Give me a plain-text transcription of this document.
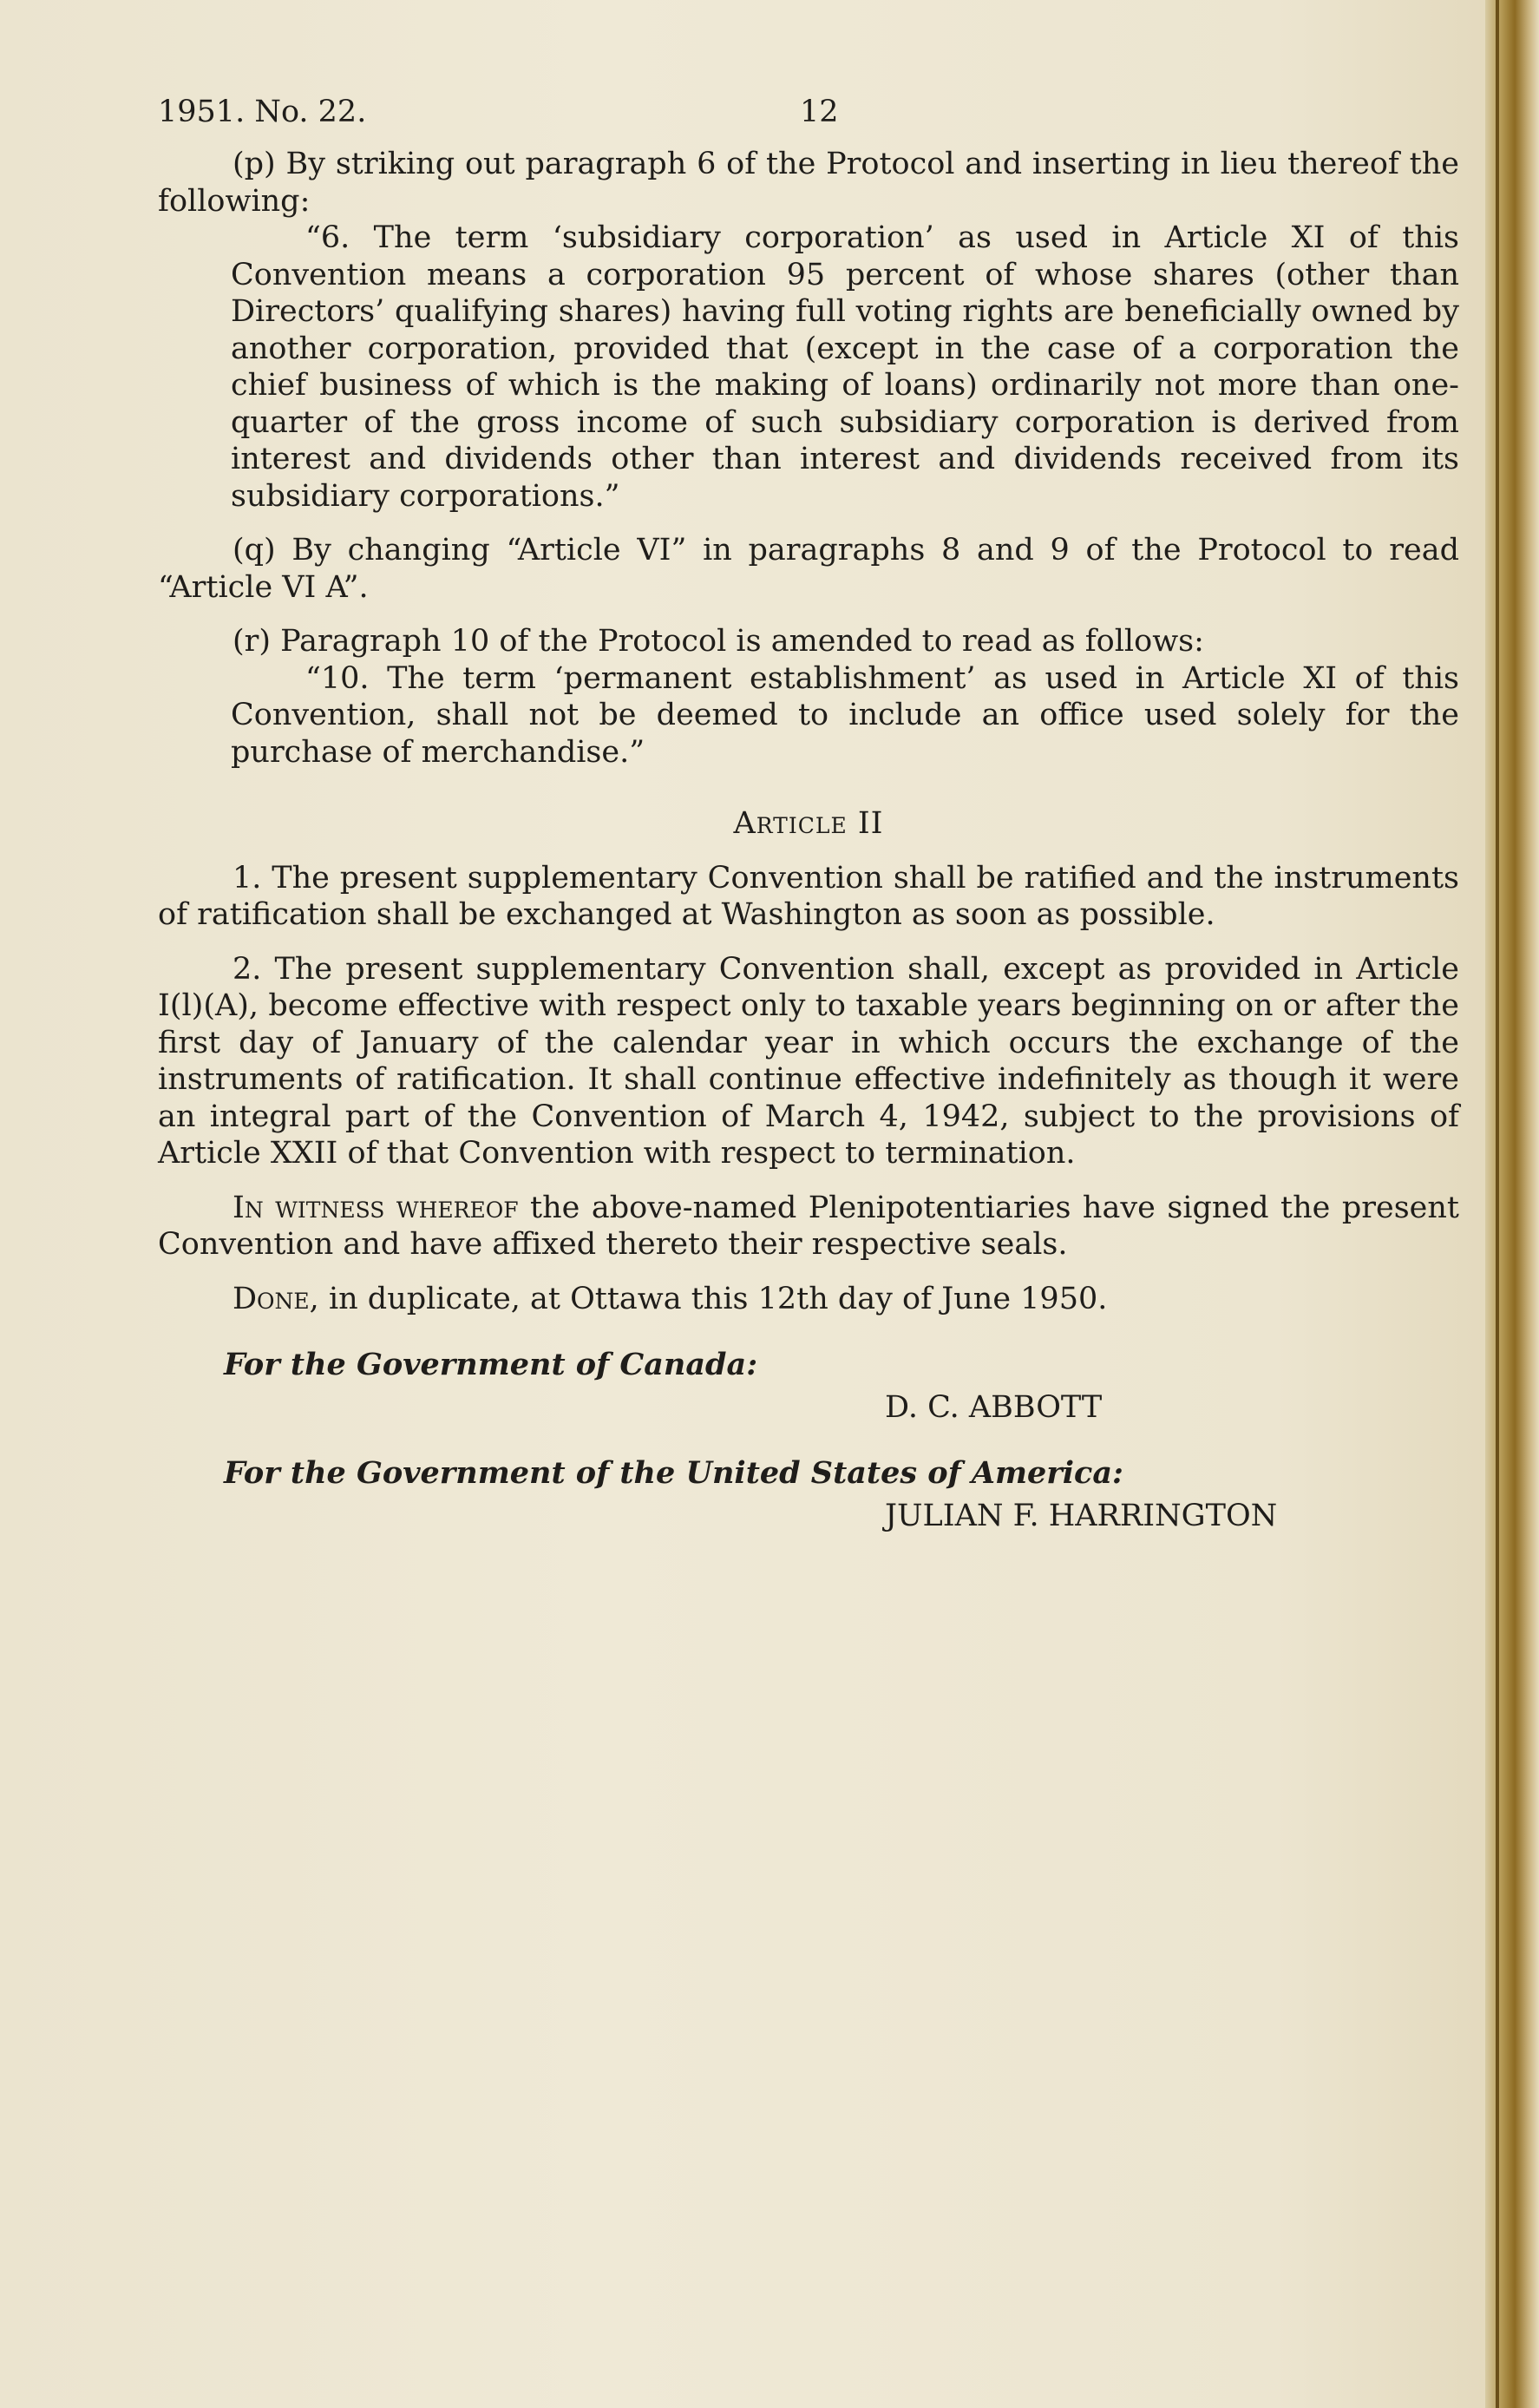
1951. No. 22.	12

(p) By striking out paragraph 6 of the Protocol and inserting in lieu thereof the following:

“6. The term ‘subsidiary corporation’ as used in Article XI of this Convention means a corporation 95 percent of whose shares (other than Directors’ qualifying shares) having full voting rights are beneficially owned by another corporation, provided that (except in the case of a corporation the chief business of which is the making of loans) ordinarily not more than one-quarter of the gross income of such subsidiary corporation is derived from interest and dividends other than interest and dividends received from its subsidiary corporations.”

(q) By changing “Article VI” in paragraphs 8 and 9 of the Protocol to read “Article VI A”.

(r) Paragraph 10 of the Protocol is amended to read as follows:

“10. The term ‘permanent establishment’ as used in Article XI of this Convention, shall not be deemed to include an office used solely for the purchase of merchandise.”

Article II

1. The present supplementary Convention shall be ratified and the instruments of ratification shall be exchanged at Washington as soon as possible.

2. The present supplementary Convention shall, except as provided in Article I(l)(A), become effective with respect only to taxable years beginning on or after the first day of January of the calendar year in which occurs the exchange of the instruments of ratification. It shall continue effective indefinitely as though it were an integral part of the Convention of March 4, 1942, subject to the provisions of Article XXII of that Convention with respect to termination.

In witness whereof the above-named Plenipotentiaries have signed the present Convention and have affixed thereto their respective seals.

Done, in duplicate, at Ottawa this 12th day of June 1950.

For the Government of Canada:
D. C. ABBOTT
For the Government of the United States of America:
JULIAN F. HARRINGTON
